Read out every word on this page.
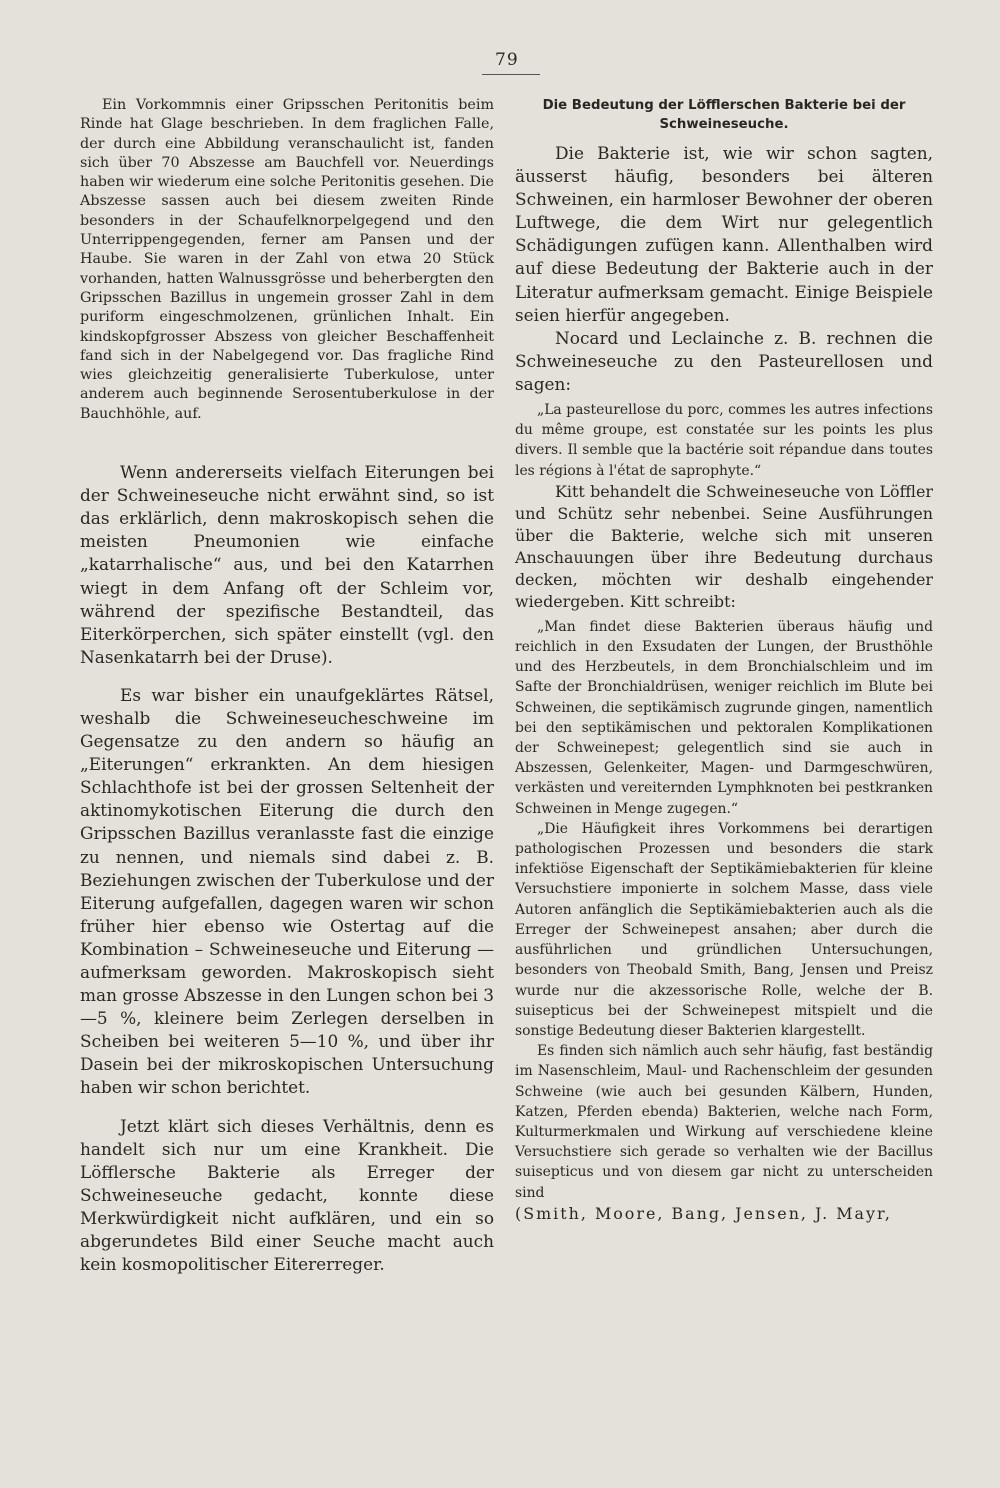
79

Ein Vorkommnis einer Gripsschen Peritonitis beim Rinde hat Glage beschrieben. In dem fraglichen Falle, der durch eine Abbildung veranschaulicht ist, fanden sich über 70 Abszesse am Bauchfell vor. Neuerdings haben wir wiederum eine solche Peritonitis gesehen. Die Abszesse sassen auch bei diesem zweiten Rinde besonders in der Schaufelknorpelgegend und den Unterrippengegenden, ferner am Pansen und der Haube. Sie waren in der Zahl von etwa 20 Stück vorhanden, hatten Walnussgrösse und beherbergten den Gripsschen Bazillus in ungemein grosser Zahl in dem puriform eingeschmolzenen, grünlichen Inhalt. Ein kindskopfgrosser Abszess von gleicher Beschaffenheit fand sich in der Nabelgegend vor. Das fragliche Rind wies gleichzeitig generalisierte Tuberkulose, unter anderem auch beginnende Serosentuberkulose in der Bauchhöhle, auf.

Wenn andererseits vielfach Eiterungen bei der Schweineseuche nicht erwähnt sind, so ist das erklärlich, denn makroskopisch sehen die meisten Pneumonien wie einfache „katarrhalische“ aus, und bei den Katarrhen wiegt in dem Anfang oft der Schleim vor, während der spezifische Bestandteil, das Eiterkörperchen, sich später einstellt (vgl. den Nasenkatarrh bei der Druse).

Es war bisher ein unaufgeklärtes Rätsel, weshalb die Schweineseucheschweine im Gegensatze zu den andern so häufig an „Eiterungen“ erkrankten. An dem hiesigen Schlachthofe ist bei der grossen Seltenheit der aktinomykotischen Eiterung die durch den Gripsschen Bazillus veranlasste fast die einzige zu nennen, und niemals sind dabei z. B. Beziehungen zwischen der Tuberkulose und der Eiterung aufgefallen, dagegen waren wir schon früher hier ebenso wie Ostertag auf die Kombination – Schweineseuche und Eiterung — aufmerksam geworden. Makroskopisch sieht man grosse Abszesse in den Lungen schon bei 3—5 %, kleinere beim Zerlegen derselben in Scheiben bei weiteren 5—10 %, und über ihr Dasein bei der mikroskopischen Untersuchung haben wir schon berichtet.

Jetzt klärt sich dieses Verhältnis, denn es handelt sich nur um eine Krankheit. Die Löfflersche Bakterie als Erreger der Schweineseuche gedacht, konnte diese Merkwürdigkeit nicht aufklären, und ein so abgerundetes Bild einer Seuche macht auch kein kosmopolitischer Eitererreger.

Die Bedeutung der Löfflerschen Bakterie bei der Schweineseuche.

Die Bakterie ist, wie wir schon sagten, äusserst häufig, besonders bei älteren Schweinen, ein harmloser Bewohner der oberen Luftwege, die dem Wirt nur gelegentlich Schädigungen zufügen kann. Allenthalben wird auf diese Bedeutung der Bakterie auch in der Literatur aufmerksam gemacht. Einige Beispiele seien hierfür angegeben.

Nocard und Leclainche z. B. rechnen die Schweineseuche zu den Pasteurellosen und sagen:

„La pasteurellose du porc, commes les autres infections du même groupe, est constatée sur les points les plus divers. Il semble que la bactérie soit répandue dans toutes les régions à l'état de saprophyte.“

Kitt behandelt die Schweineseuche von Löffler und Schütz sehr nebenbei. Seine Ausführungen über die Bakterie, welche sich mit unseren Anschauungen über ihre Bedeutung durchaus decken, möchten wir deshalb eingehender wiedergeben. Kitt schreibt:

„Man findet diese Bakterien überaus häufig und reichlich in den Exsudaten der Lungen, der Brusthöhle und des Herzbeutels, in dem Bronchialschleim und im Safte der Bronchialdrüsen, weniger reichlich im Blute bei Schweinen, die septikämisch zugrunde gingen, namentlich bei den septikämischen und pektoralen Komplikationen der Schweinepest; gelegentlich sind sie auch in Abszessen, Gelenkeiter, Magen- und Darmgeschwüren, verkästen und vereiternden Lymphknoten bei pestkranken Schweinen in Menge zugegen.“

„Die Häufigkeit ihres Vorkommens bei derartigen pathologischen Prozessen und besonders die stark infektiöse Eigenschaft der Septikämiebakterien für kleine Versuchstiere imponierte in solchem Masse, dass viele Autoren anfänglich die Septikämiebakterien auch als die Erreger der Schweinepest ansahen; aber durch die ausführlichen und gründlichen Untersuchungen, besonders von Theobald Smith, Bang, Jensen und Preisz wurde nur die akzessorische Rolle, welche der B. suisepticus bei der Schweinepest mitspielt und die sonstige Bedeutung dieser Bakterien klargestellt.

Es finden sich nämlich auch sehr häufig, fast beständig im Nasenschleim, Maul- und Rachenschleim der gesunden Schweine (wie auch bei gesunden Kälbern, Hunden, Katzen, Pferden ebenda) Bakterien, welche nach Form, Kulturmerkmalen und Wirkung auf verschiedene kleine Versuchstiere sich gerade so verhalten wie der Bacillus suisepticus und von diesem gar nicht zu unterscheiden sind

(Smith, Moore, Bang, Jensen, J. Mayr,
